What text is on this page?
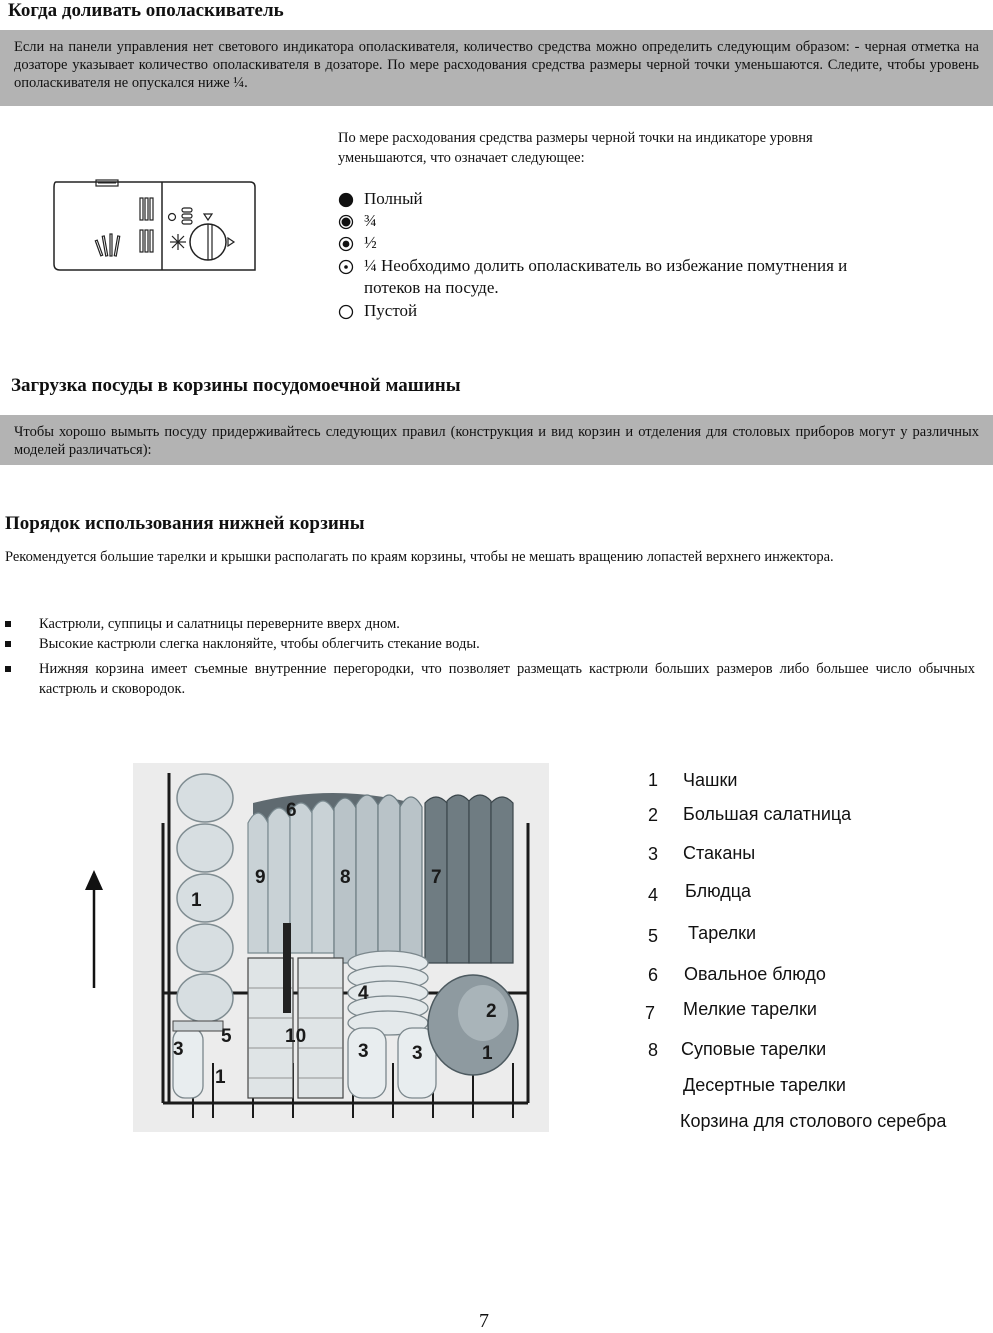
Когда доливать ополаскиватель
Если на панели управления нет светового индикатора ополаскивателя, количество средства можно определить следующим образом: - черная отметка на дозаторе указывает количество ополаскивателя в дозаторе. По мере расходования средства размеры черной точки уменьшаются. Следите, чтобы уровень ополаскивателя не опускался ниже ¼.
По мере расходования средства размеры черной точки на индикаторе уровня
уменьшаются, что означает следующее:
Полный
¾
½
¼ Необходимо долить ополаскиватель во избежание помутнения и
потеков на посуде.
Пустой
Загрузка посуды в корзины посудомоечной машины
Чтобы хорошо вымыть посуду придерживайтесь следующих правил (конструкция и вид корзин и отделения для столовых приборов могут у различных моделей различаться):
Порядок использования нижней корзины
Рекомендуется большие тарелки и крышки располагать по краям корзины, чтобы не мешать вращению лопастей верхнего инжектора.
Кастрюли, суппицы и салатницы переверните вверх дном.
Высокие кастрюли слегка наклоняйте, чтобы облегчить стекание воды.
Нижняя корзина имеет съемные внутренние перегородки, что позволяет размещать кастрюли больших размеров либо большее число обычных кастрюль и сковородок.
6
9	8	7
1
4
2
5	10
3	3 3	1
1
1 Чашки
2 Большая салатница
3 Стаканы
4 Блюдца
5 Тарелки
6 Овальное блюдо
7 Мелкие тарелки
8 Суповые тарелки
Десертные тарелки
Корзина для столового серебра
7
